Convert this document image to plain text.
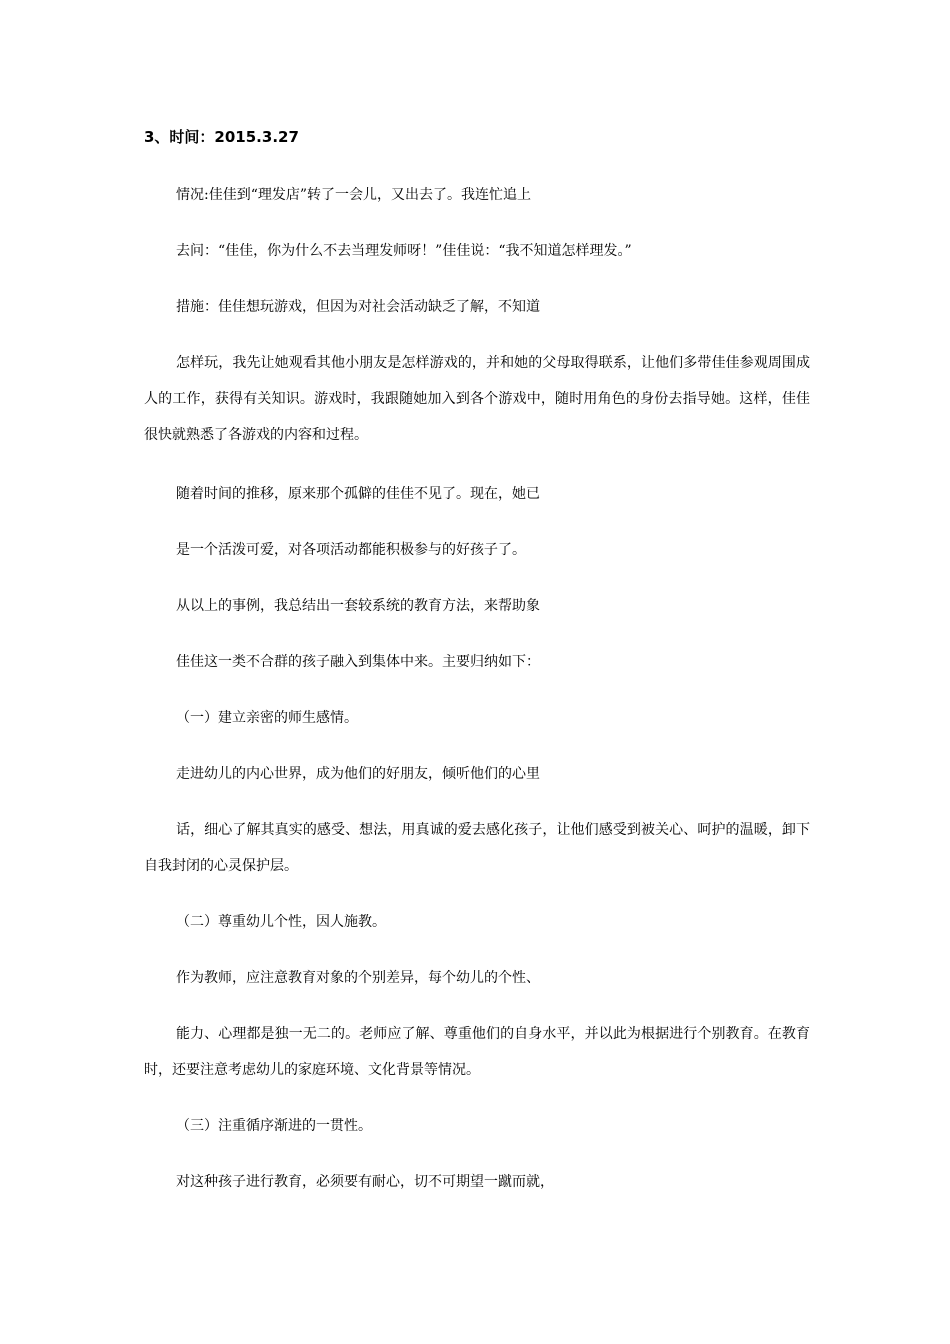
3、时间：2015.3.27

情况:佳佳到“理发店”转了一会儿，又出去了。我连忙追上

去问：“佳佳，你为什么不去当理发师呀！”佳佳说：“我不知道怎样理发。”

措施：佳佳想玩游戏，但因为对社会活动缺乏了解，不知道

怎样玩，我先让她观看其他小朋友是怎样游戏的，并和她的父母取得联系，让他们多带佳佳参观周围成人的工作，获得有关知识。游戏时，我跟随她加入到各个游戏中，随时用角色的身份去指导她。这样，佳佳很快就熟悉了各游戏的内容和过程。

随着时间的推移，原来那个孤僻的佳佳不见了。现在，她已

是一个活泼可爱，对各项活动都能积极参与的好孩子了。

从以上的事例，我总结出一套较系统的教育方法，来帮助象

佳佳这一类不合群的孩子融入到集体中来。主要归纳如下：

（一）建立亲密的师生感情。

走进幼儿的内心世界，成为他们的好朋友，倾听他们的心里

话，细心了解其真实的感受、想法，用真诚的爱去感化孩子，让他们感受到被关心、呵护的温暖，卸下自我封闭的心灵保护层。

（二）尊重幼儿个性，因人施教。

作为教师，应注意教育对象的个别差异，每个幼儿的个性、

能力、心理都是独一无二的。老师应了解、尊重他们的自身水平，并以此为根据进行个别教育。在教育时，还要注意考虑幼儿的家庭环境、文化背景等情况。

（三）注重循序渐进的一贯性。

对这种孩子进行教育，必须要有耐心，切不可期望一蹴而就，
